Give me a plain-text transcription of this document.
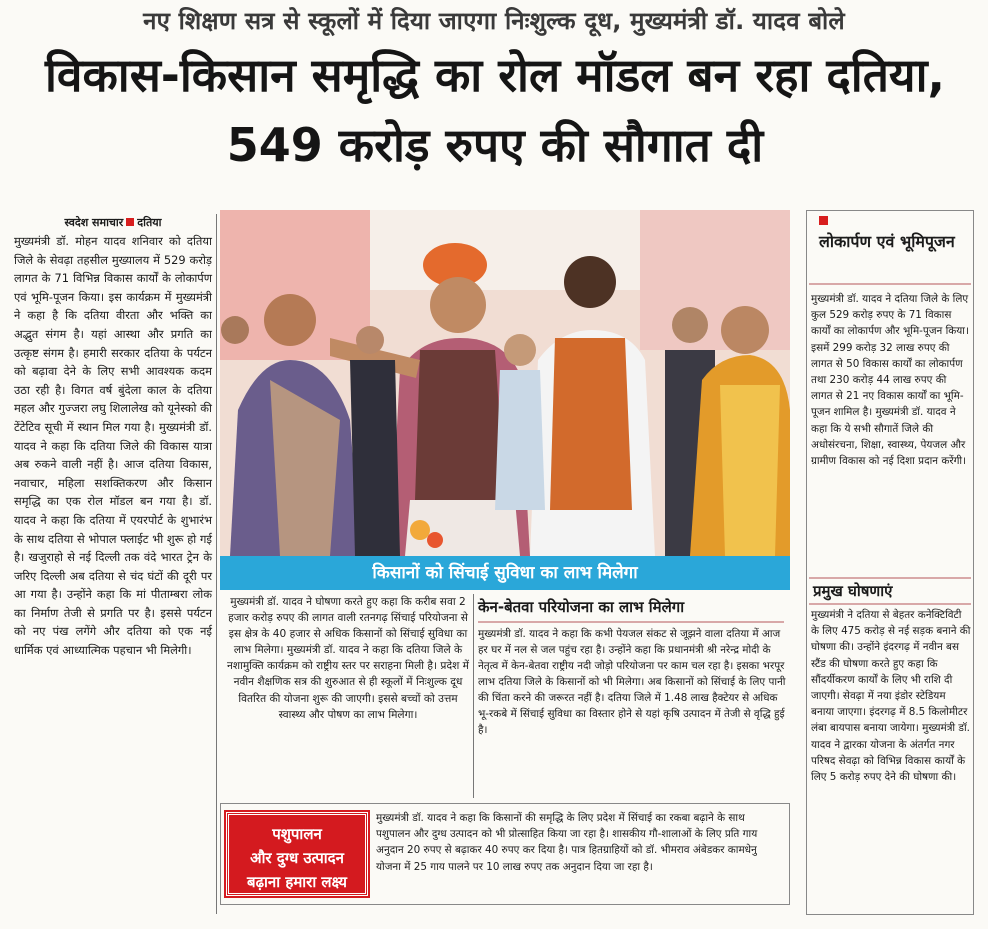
नए शिक्षण सत्र से स्कूलों में दिया जाएगा निःशुल्क दूध, मुख्यमंत्री डॉ. यादव बोले
विकास-किसान समृद्धि का रोल मॉडल बन रहा दतिया, 549 करोड़ रुपए की सौगात दी
स्वदेश समाचार दतिया
मुख्यमंत्री डॉ. मोहन यादव शनिवार को दतिया जिले के सेवढ़ा तहसील मुख्यालय में 529 करोड़ लागत के 71 विभिन्न विकास कार्यों के लोकार्पण एवं भूमि-पूजन किया। इस कार्यक्रम में मुख्यमंत्री ने कहा है कि दतिया वीरता और भक्ति का अद्भुत संगम है। यहां आस्था और प्रगति का उत्कृष्ट संगम है। हमारी सरकार दतिया के पर्यटन को बढ़ावा देने के लिए सभी आवश्यक कदम उठा रही है। विगत वर्ष बुंदेला काल के दतिया महल और गुज्जरा लघु शिलालेख को यूनेस्को की टेंटेटिव सूची में स्थान मिल गया है। मुख्यमंत्री डॉ. यादव ने कहा कि दतिया जिले की विकास यात्रा अब रुकने वाली नहीं है। आज दतिया विकास, नवाचार, महिला सशक्तिकरण और किसान समृद्धि का एक रोल मॉडल बन गया है। डॉ. यादव ने कहा कि दतिया में एयरपोर्ट के शुभारंभ के साथ दतिया से भोपाल फ्लाईट भी शुरू हो गई है। खजुराहो से नई दिल्ली तक वंदे भारत ट्रेन के जरिए दिल्ली अब दतिया से चंद घंटों की दूरी पर आ गया है। उन्होंने कहा कि मां पीताम्बरा लोक का निर्माण तेजी से प्रगति पर है। इससे पर्यटन को नए पंख लगेंगे और दतिया को एक नई धार्मिक एवं आध्यात्मिक पहचान भी मिलेगी।
किसानों को सिंचाई सुविधा का लाभ मिलेगा
मुख्यमंत्री डॉ. यादव ने घोषणा करते हुए कहा कि करीब सवा 2 हजार करोड़ रुपए की लागत वाली रतनगढ़ सिंचाई परियोजना से इस क्षेत्र के 40 हजार से अधिक किसानों को सिंचाई सुविधा का लाभ मिलेगा। मुख्यमंत्री डॉ. यादव ने कहा कि दतिया जिले के नशामुक्ति कार्यक्रम को राष्ट्रीय स्तर पर सराहना मिली है। प्रदेश में नवीन शैक्षणिक सत्र की शुरुआत से ही स्कूलों में निःशुल्क दूध वितरित की योजना शुरू की जाएगी। इससे बच्चों को उत्तम स्वास्थ्य और पोषण का लाभ मिलेगा।
केन-बेतवा परियोजना का लाभ मिलेगा
मुख्यमंत्री डॉ. यादव ने कहा कि कभी पेयजल संकट से जूझने वाला दतिया में आज हर घर में नल से जल पहुंच रहा है। उन्होंने कहा कि प्रधानमंत्री श्री नरेन्द्र मोदी के नेतृत्व में केन-बेतवा राष्ट्रीय नदी जोड़ो परियोजना पर काम चल रहा है। इसका भरपूर लाभ दतिया जिले के किसानों को भी मिलेगा। अब किसानों को सिंचाई के लिए पानी की चिंता करने की जरूरत नहीं है। दतिया जिले में 1.48 लाख हैक्टेयर से अधिक भू-रकबे में सिंचाई सुविधा का विस्तार होने से यहां कृषि उत्पादन में तेजी से वृद्धि हुई है।
पशुपालन
और दुग्ध उत्पादन
बढ़ाना हमारा लक्ष्य
मुख्यमंत्री डॉ. यादव ने कहा कि किसानों की समृद्धि के लिए प्रदेश में सिंचाई का रकबा बढ़ाने के साथ पशुपालन और दुग्ध उत्पादन को भी प्रोत्साहित किया जा रहा है। शासकीय गौ-शालाओं के लिए प्रति गाय अनुदान 20 रुपए से बढ़ाकर 40 रुपए कर दिया है। पात्र हितग्राहियों को डॉ. भीमराव अंबेडकर कामधेनु योजना में 25 गाय पालने पर 10 लाख रुपए तक अनुदान दिया जा रहा है।
लोकार्पण एवं भूमिपूजन
मुख्यमंत्री डॉ. यादव ने दतिया जिले के लिए कुल 529 करोड़ रुपए के 71 विकास कार्यों का लोकार्पण और भूमि-पूजन किया। इसमें 299 करोड़ 32 लाख रुपए की लागत से 50 विकास कार्यों का लोकार्पण तथा 230 करोड़ 44 लाख रुपए की लागत से 21 नए विकास कार्यों का भूमि-पूजन शामिल है। मुख्यमंत्री डॉ. यादव ने कहा कि ये सभी सौगातें जिले की अधोसंरचना, शिक्षा, स्वास्थ्य, पेयजल और ग्रामीण विकास को नई दिशा प्रदान करेंगी।
प्रमुख घोषणाएं
मुख्यमंत्री ने दतिया से बेहतर कनेक्टिविटी के लिए 475 करोड़ से नई सड़क बनाने की घोषणा की। उन्होंने इंदरगढ़ में नवीन बस स्टैंड की घोषणा करते हुए कहा कि सौंदर्यीकरण कार्यों के लिए भी राशि दी जाएगी। सेवढ़ा में नया इंडोर स्टेडियम बनाया जाएगा। इंदरगढ़ में 8.5 किलोमीटर लंबा बायपास बनाया जायेगा। मुख्यमंत्री डॉ. यादव ने द्वारका योजना के अंतर्गत नगर परिषद सेवढ़ा को विभिन्न विकास कार्यों के लिए 5 करोड़ रुपए देने की घोषणा की।
